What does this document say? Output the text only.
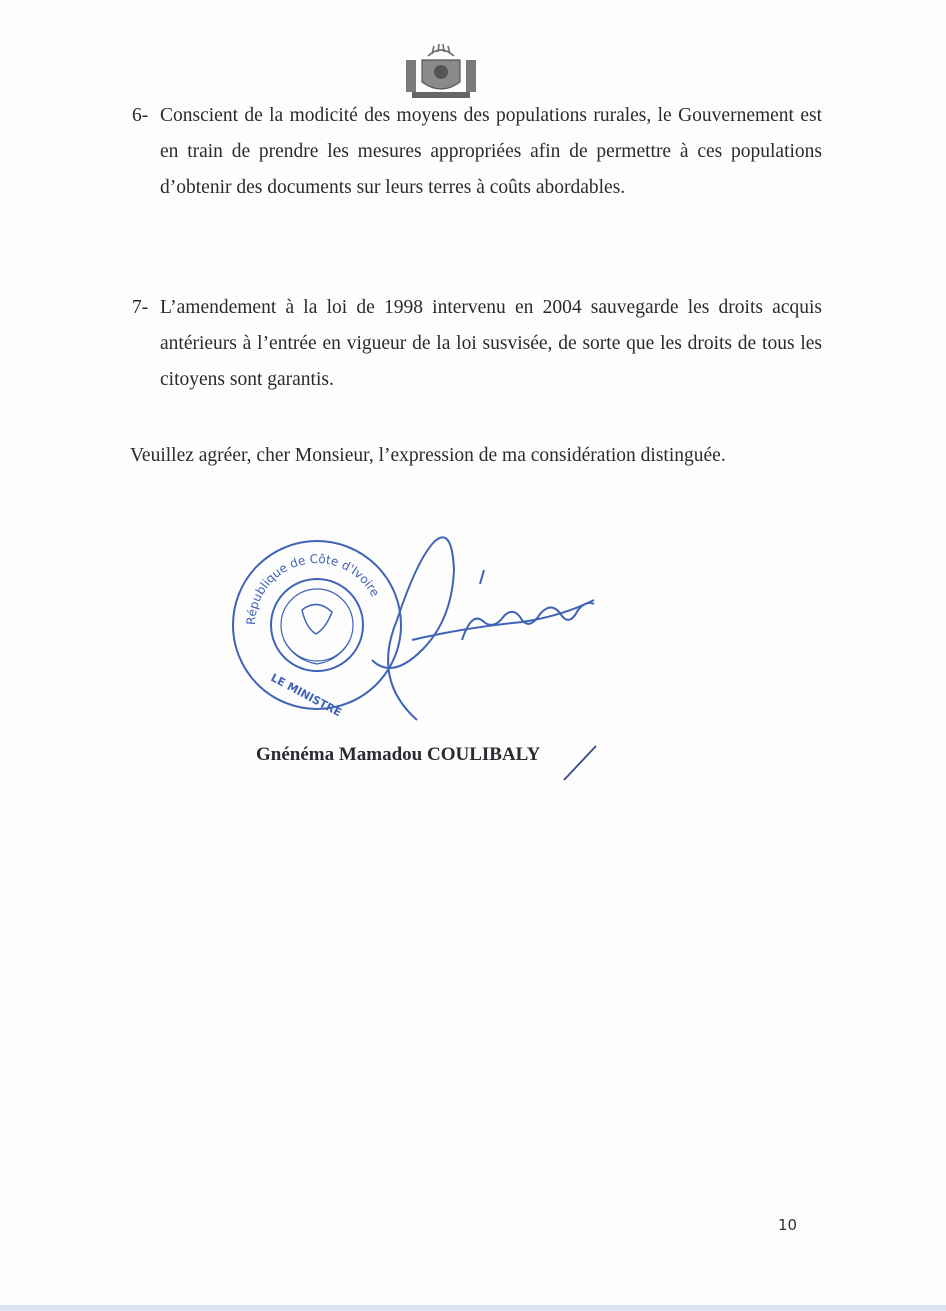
6- Conscient de la modicité des moyens des populations rurales, le Gouvernement est en train de prendre les mesures appropriées afin de permettre à ces populations d’obtenir des documents sur leurs terres à coûts abordables.
7- L’amendement à la loi de 1998 intervenu en 2004 sauvegarde les droits acquis antérieurs à l’entrée en vigueur de la loi susvisée, de sorte que les droits de tous les citoyens sont garantis.
Veuillez agréer, cher Monsieur, l’expression de ma considération distinguée.
République de Côte d'Ivoire
LE MINISTRE
Gnénéma Mamadou COULIBALY
10
